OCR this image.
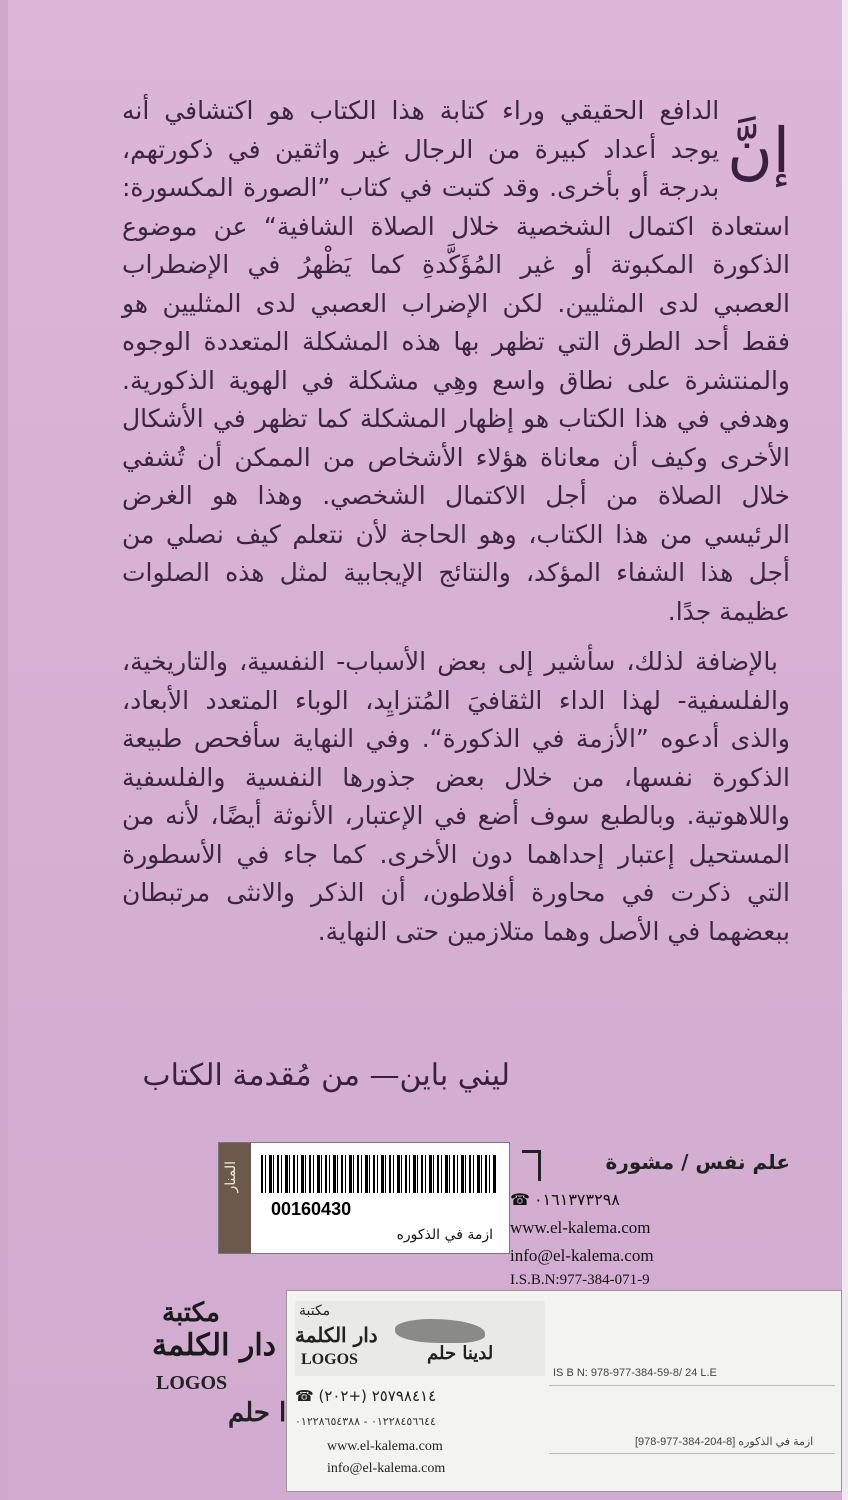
إنَّ
الدافع الحقيقي وراء كتابة هذا الكتاب هو اكتشافي أنه يوجد أعداد كبيرة من الرجال غير واثقين في ذكورتهم، بدرجة أو بأخرى. وقد كتبت في كتاب ”الصورة المكسورة: استعادة اكتمال الشخصية خلال الصلاة الشافية“ عن موضوع الذكورة المكبوتة أو غير المُؤَكَّدةِ كما يَظْهرُ في الإضطراب العصبي لدى المثليين. لكن الإضراب العصبي لدى المثليين هو فقط أحد الطرق التي تظهر بها هذه المشكلة المتعددة الوجوه والمنتشرة على نطاق واسع وهِي مشكلة في الهوية الذكورية. وهدفي في هذا الكتاب هو إظهار المشكلة كما تظهر في الأشكال الأخرى وكيف أن معاناة هؤلاء الأشخاص من الممكن أن تُشفي خلال الصلاة من أجل الاكتمال الشخصي. وهذا هو الغرض الرئيسي من هذا الكتاب، وهو الحاجة لأن نتعلم كيف نصلي من أجل هذا الشفاء المؤكد، والنتائج الإيجابية لمثل هذه الصلوات عظيمة جدًا.

بالإضافة لذلك، سأشير إلى بعض الأسباب- النفسية، والتاريخية، والفلسفية- لهذا الداء الثقافيَ المُتزايِد، الوباء المتعدد الأبعاد، والذى أدعوه ”الأزمة في الذكورة“. وفي النهاية سأفحص طبيعة الذكورة نفسها، من خلال بعض جذورها النفسية والفلسفية واللاهوتية. وبالطبع سوف أضع في الإعتبار، الأنوثة أيضًا، لأنه من المستحيل إعتبار إحداهما دون الأخرى. كما جاء في الأسطورة التي ذكرت في محاورة أفلاطون، أن الذكر والانثى مرتبطان ببعضهما في الأصل وهما متلازمين حتى النهاية.

ليني باين— من مُقدمة الكتاب
علم نفس / مشورة
المنار
00160430
ازمة في الذكوره

☎ ٠١٦١٣٧٣٢٩٨

www.el-kalema.com

info@el-kalema.com

I.S.B.N:977-384-071-9

مكتبة
دار الكلمة
LOGOS
ا حلم
مكتبة
دار الكلمة
LOGOS	لدينا حلم
☎ (٢٠٢+) ٢٥٧٩٨٤١٤
٠١٢٢٨٤٥٦٦٤٤ - ٠١٢٢٨٦٥٤٣٨٨
www.el-kalema.com
info@el-kalema.com
IS B N: 978-977-384-59-8/ 24 L.E
[978-977-384-204-8] ازمة في الذكوره
